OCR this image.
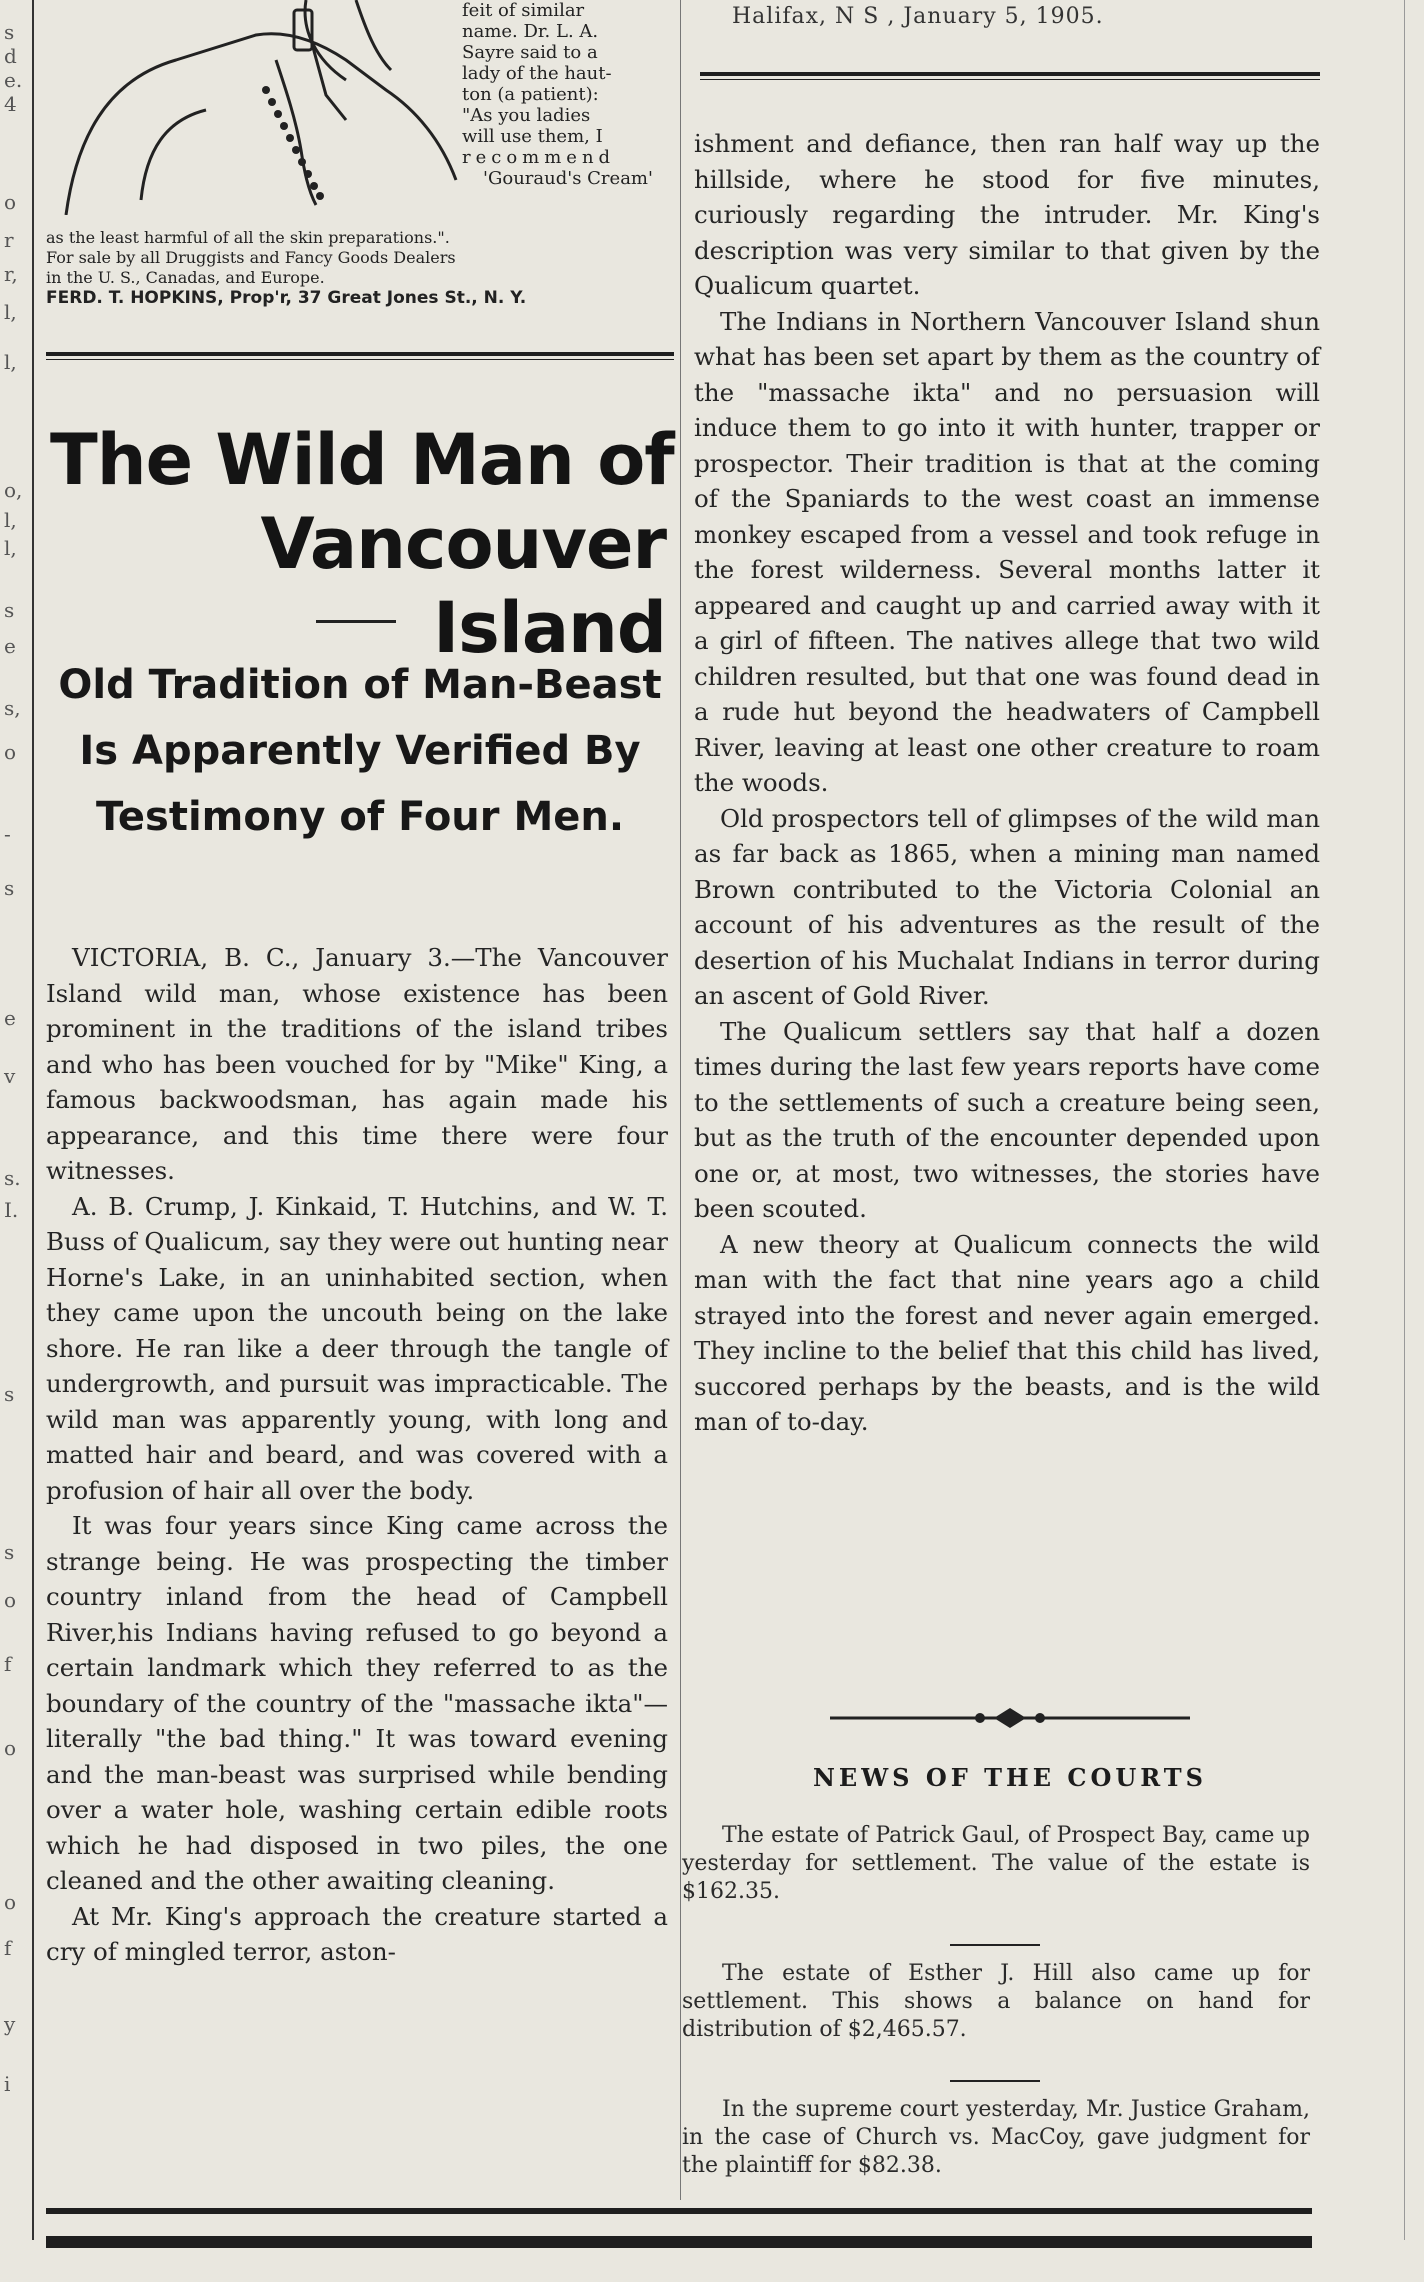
s
d
e.
4
o
r
r,
l,
l,
o,
l,
l,
s
e
s,
o
-
s
e
v
s.
I.
s
s
o
f
o
o
f
y
i
feit of similar
name. Dr. L. A.
Sayre said to a
lady of the haut-
ton (a patient):
"As you ladies
will use them, I
recommend
'Gouraud's Cream'
as the least harmful of all the skin preparations.".
For sale by all Druggists and Fancy Goods Dealers
in the U. S., Canadas, and Europe.
FERD. T. HOPKINS, Prop'r, 37 Great Jones St., N. Y.
Halifax, N S , January 5, 1905.
The Wild Man of
Vancouver Island
Old Tradition of Man-Beast Is Apparently Verified By Testimony of Four Men.

VICTORIA, B. C., January 3.—The Vancouver Island wild man, whose existence has been prominent in the traditions of the island tribes and who has been vouched for by "Mike" King, a famous backwoodsman, has again made his appearance, and this time there were four witnesses.

A. B. Crump, J. Kinkaid, T. Hutchins, and W. T. Buss of Qualicum, say they were out hunting near Horne's Lake, in an uninhabited section, when they came upon the uncouth being on the lake shore. He ran like a deer through the tangle of undergrowth, and pursuit was impracticable. The wild man was apparently young, with long and matted hair and beard, and was covered with a profusion of hair all over the body.

It was four years since King came across the strange being. He was prospecting the timber country inland from the head of Campbell River,his Indians having refused to go beyond a certain landmark which they referred to as the boundary of the country of the "massache ikta"—literally "the bad thing." It was toward evening and the man-beast was surprised while bending over a water hole, washing certain edible roots which he had disposed in two piles, the one cleaned and the other awaiting cleaning.

At Mr. King's approach the creature started a cry of mingled terror, aston-

ishment and defiance, then ran half way up the hillside, where he stood for five minutes, curiously regarding the intruder. Mr. King's description was very similar to that given by the Qualicum quartet.

The Indians in Northern Vancouver Island shun what has been set apart by them as the country of the "massache ikta" and no persuasion will induce them to go into it with hunter, trapper or prospector. Their tradition is that at the coming of the Spaniards to the west coast an immense monkey escaped from a vessel and took refuge in the forest wilderness. Several months latter it appeared and caught up and carried away with it a girl of fifteen. The natives allege that two wild children resulted, but that one was found dead in a rude hut beyond the headwaters of Campbell River, leaving at least one other creature to roam the woods.

Old prospectors tell of glimpses of the wild man as far back as 1865, when a mining man named Brown contributed to the Victoria Colonial an account of his adventures as the result of the desertion of his Muchalat Indians in terror during an ascent of Gold River.

The Qualicum settlers say that half a dozen times during the last few years reports have come to the settlements of such a creature being seen, but as the truth of the encounter depended upon one or, at most, two witnesses, the stories have been scouted.

A new theory at Qualicum connects the wild man with the fact that nine years ago a child strayed into the forest and never again emerged. They incline to the belief that this child has lived, succored perhaps by the beasts, and is the wild man of to-day.

NEWS OF THE COURTS

The estate of Patrick Gaul, of Prospect Bay, came up yesterday for settlement. The value of the estate is $162.35.

The estate of Esther J. Hill also came up for settlement. This shows a balance on hand for distribution of $2,465.57.

In the supreme court yesterday, Mr. Justice Graham, in the case of Church vs. MacCoy, gave judgment for the plaintiff for $82.38.
